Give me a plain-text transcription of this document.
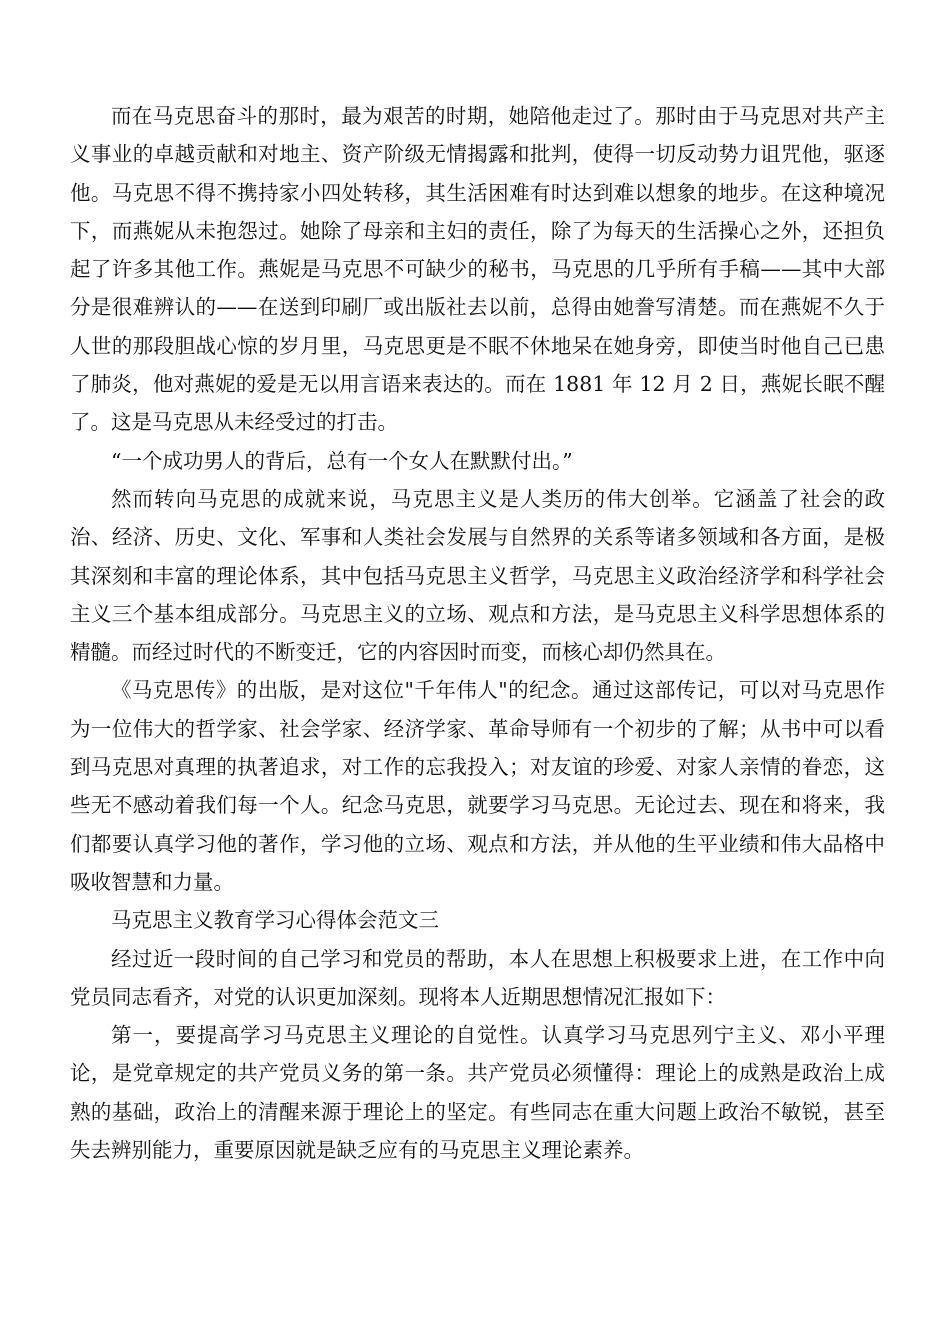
而在马克思奋斗的那时，最为艰苦的时期，她陪他走过了。那时由于马克思对共产主义事业的卓越贡献和对地主、资产阶级无情揭露和批判，使得一切反动势力诅咒他，驱逐他。马克思不得不携持家小四处转移，其生活困难有时达到难以想象的地步。在这种境况下，而燕妮从未抱怨过。她除了母亲和主妇的责任，除了为每天的生活操心之外，还担负起了许多其他工作。燕妮是马克思不可缺少的秘书，马克思的几乎所有手稿——其中大部分是很难辨认的——在送到印刷厂或出版社去以前，总得由她誊写清楚。而在燕妮不久于人世的那段胆战心惊的岁月里，马克思更是不眠不休地呆在她身旁，即使当时他自己已患了肺炎，他对燕妮的爱是无以用言语来表达的。而在 1881 年 12 月 2 日，燕妮长眠不醒了。这是马克思从未经受过的打击。

“一个成功男人的背后，总有一个女人在默默付出。”

然而转向马克思的成就来说，马克思主义是人类历的伟大创举。它涵盖了社会的政治、经济、历史、文化、军事和人类社会发展与自然界的关系等诸多领域和各方面，是极其深刻和丰富的理论体系，其中包括马克思主义哲学，马克思主义政治经济学和科学社会主义三个基本组成部分。马克思主义的立场、观点和方法，是马克思主义科学思想体系的精髓。而经过时代的不断变迁，它的内容因时而变，而核心却仍然具在。

《马克思传》的出版，是对这位"千年伟人"的纪念。通过这部传记，可以对马克思作为一位伟大的哲学家、社会学家、经济学家、革命导师有一个初步的了解；从书中可以看到马克思对真理的执著追求，对工作的忘我投入；对友谊的珍爱、对家人亲情的眷恋，这些无不感动着我们每一个人。纪念马克思，就要学习马克思。无论过去、现在和将来，我们都要认真学习他的著作，学习他的立场、观点和方法，并从他的生平业绩和伟大品格中吸收智慧和力量。

马克思主义教育学习心得体会范文三

经过近一段时间的自己学习和党员的帮助，本人在思想上积极要求上进，在工作中向党员同志看齐，对党的认识更加深刻。现将本人近期思想情况汇报如下：

第一，要提高学习马克思主义理论的自觉性。认真学习马克思列宁主义、邓小平理论，是党章规定的共产党员义务的第一条。共产党员必须懂得：理论上的成熟是政治上成熟的基础，政治上的清醒来源于理论上的坚定。有些同志在重大问题上政治不敏锐，甚至失去辨别能力，重要原因就是缺乏应有的马克思主义理论素养。
